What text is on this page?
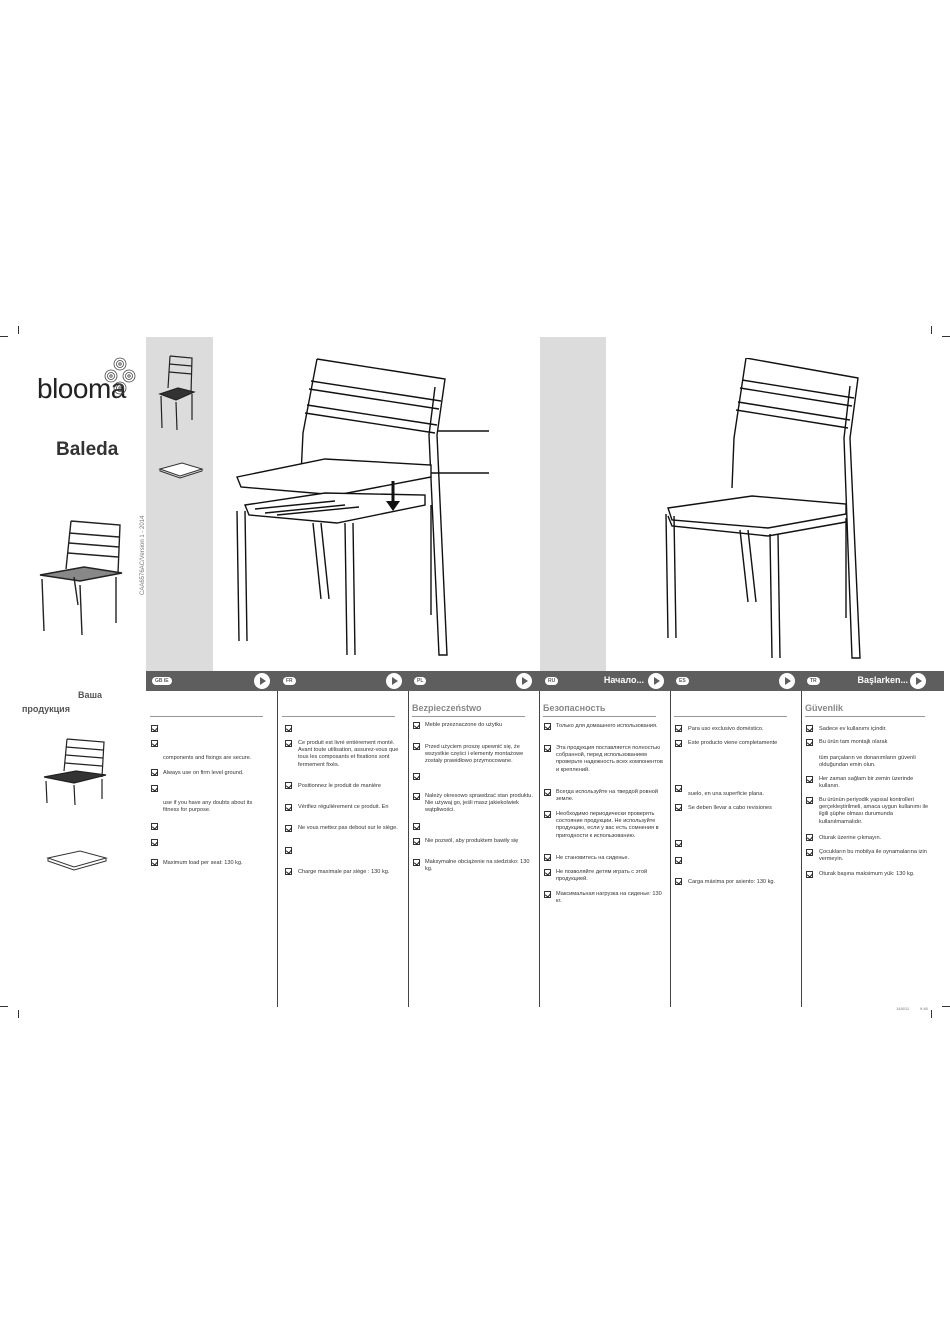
blooma
Baleda
Ваша
продукция
CAA6576AC/Version 1 - 2014
GB IE	FR	PL	RU	Начало...	ES	TR	Başlarken...
Bezpieczeństwo	Безопасность	Güvenlik
components and fixings are secure.
Always use on firm level ground.
use if you have any doubts about its fitness for purpose.
Maximum load per seat: 130 kg.
Ce produit est livré entièrement monté. Avant toute utilisation, assurez-vous que tous les composants et fixations sont fermement fixés.
Positionnez le produit de manière
Vérifiez régulièrement ce produit. En
Ne vous mettez pas debout sur le siège.
Charge maximale par siège : 130 kg.
Meble przeznaczone do użytku
Przed użyciem proszę upewnić się, że wszystkie części i elementy montażowe zostały prawidłowo przymocowane.
Należy okresowo sprawdzać stan produktu. Nie używaj go, jeśli masz jakiekolwiek wątpliwości.
Nie pozwól, aby produktem bawiły się
Maksymalne obciążenie na siedzisko: 130 kg.
Только для домашнего использования.
Эта продукция поставляется полностью собранной, перед использованием проверьте надежность всех компонентов и креплений.
Всегда используйте на твердой ровной земле.
Необходимо периодически проверять состояние продукции. Не используйте продукцию, если у вас есть сомнения в пригодности к использованию.
Не становитесь на сиденье.
Не позволяйте детям играть с этой продукцией.
Максимальная нагрузка на сиденье: 130 кг.
Para uso exclusivo doméstico.
Este producto viene completamente
suelo, en una superficie plana.
Se deben llevar a cabo revisiones
Carga máxima por asiento: 130 kg.
Sadece ev kullanımı içindir.
Bu ürün tam montajlı olarak
tüm parçaların ve donanımların güvenli olduğundan emin olun.
Her zaman sağlam bir zemin üzerinde kullanın.
Bu ürünün periyodik yapısal kontrolleri gerçekleştirilmeli, amaca uygun kullanımı ile ilgili şüphe olması durumunda kullanılmamalıdır.
Oturak üzerine çıkmayın.
Çocukların bu mobilya ile oynamalarına izin vermeyin.
Oturak başına maksimum yük: 130 kg.
14/8/11	9:48
